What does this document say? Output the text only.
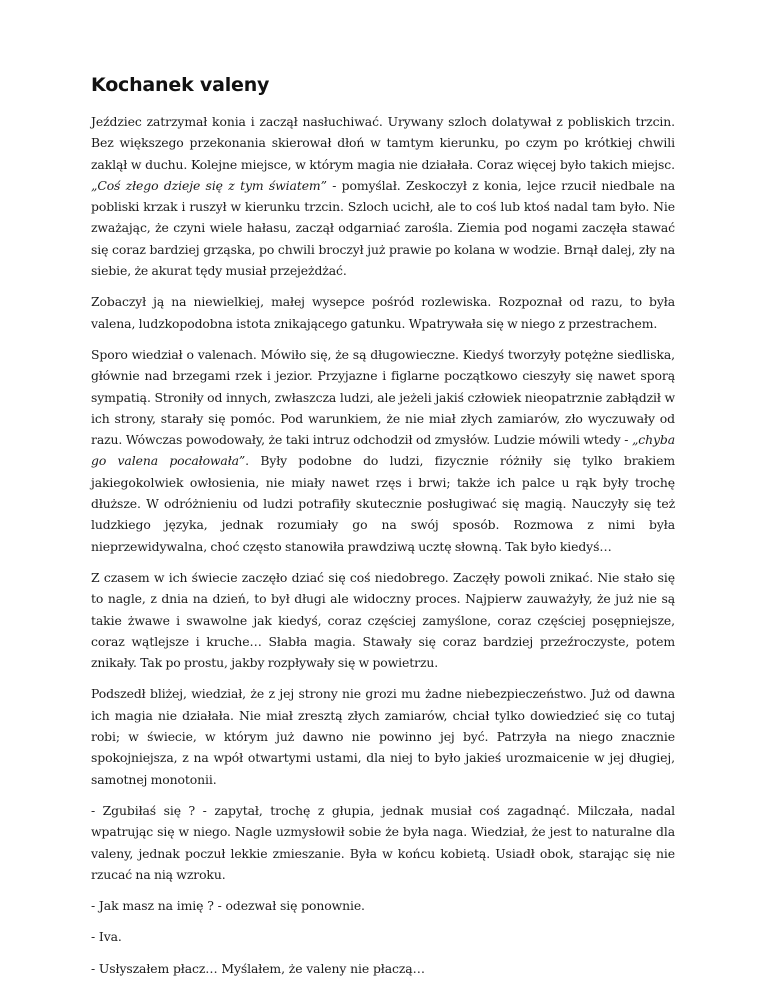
Kochanek valeny

Jeździec zatrzymał konia i zaczął nasłuchiwać. Urywany szloch dolatywał z pobliskich trzcin. Bez większego przekonania skierował dłoń w tamtym kierunku, po czym po krótkiej chwili zaklął w duchu. Kolejne miejsce, w którym magia nie działała. Coraz więcej było takich miejsc. „Coś złego dzieje się z tym światem” - pomyślał. Zeskoczył z konia, lejce rzucił niedbale na pobliski krzak i ruszył w kierunku trzcin. Szloch ucichł, ale to coś lub ktoś nadal tam było. Nie zważając, że czyni wiele hałasu, zaczął odgarniać zarośla. Ziemia pod nogami zaczęła stawać się coraz bardziej grząska, po chwili broczył już prawie po kolana w wodzie. Brnął dalej, zły na siebie, że akurat tędy musiał przejeżdżać.

Zobaczył ją na niewielkiej, małej wysepce pośród rozlewiska. Rozpoznał od razu, to była valena, ludzkopodobna istota znikającego gatunku. Wpatrywała się w niego z przestrachem.

Sporo wiedział o valenach. Mówiło się, że są długowieczne. Kiedyś tworzyły potężne siedliska, głównie nad brzegami rzek i jezior. Przyjazne i figlarne początkowo cieszyły się nawet sporą sympatią. Stroniły od innych, zwłaszcza ludzi, ale jeżeli jakiś człowiek nieopatrznie zabłądził w ich strony, starały się pomóc. Pod warunkiem, że nie miał złych zamiarów, zło wyczuwały od razu. Wówczas powodowały, że taki intruz odchodził od zmysłów. Ludzie mówili wtedy - „chyba go valena pocałowała”. Były podobne do ludzi, fizycznie różniły się tylko brakiem jakiegokolwiek owłosienia, nie miały nawet rzęs i brwi; także ich palce u rąk były trochę dłuższe. W odróżnieniu od ludzi potrafiły skutecznie posługiwać się magią. Nauczyły się też ludzkiego języka, jednak rozumiały go na swój sposób. Rozmowa z nimi była nieprzewidywalna, choć często stanowiła prawdziwą ucztę słowną. Tak było kiedyś…

Z czasem w ich świecie zaczęło dziać się coś niedobrego. Zaczęły powoli znikać. Nie stało się to nagle, z dnia na dzień, to był długi ale widoczny proces. Najpierw zauważyły, że już nie są takie żwawe i swawolne jak kiedyś, coraz częściej zamyślone, coraz częściej posępniejsze, coraz wątlejsze i kruche… Słabła magia. Stawały się coraz bardziej przeźroczyste, potem znikały. Tak po prostu, jakby rozpływały się w powietrzu.

Podszedł bliżej, wiedział, że z jej strony nie grozi mu żadne niebezpieczeństwo. Już od dawna ich magia nie działała. Nie miał zresztą złych zamiarów, chciał tylko dowiedzieć się co tutaj robi; w świecie, w którym już dawno nie powinno jej być. Patrzyła na niego znacznie spokojniejsza, z na wpół otwartymi ustami, dla niej to było jakieś urozmaicenie w jej długiej, samotnej monotonii.

- Zgubiłaś się ? - zapytał, trochę z głupia, jednak musiał coś zagadnąć. Milczała, nadal wpatrując się w niego. Nagle uzmysłowił sobie że była naga. Wiedział, że jest to naturalne dla valeny, jednak poczuł lekkie zmieszanie. Była w końcu kobietą. Usiadł obok, starając się nie rzucać na nią wzroku.

- Jak masz na imię ? - odezwał się ponownie.

- Iva.

- Usłyszałem płacz… Myślałem, że valeny nie płaczą…
